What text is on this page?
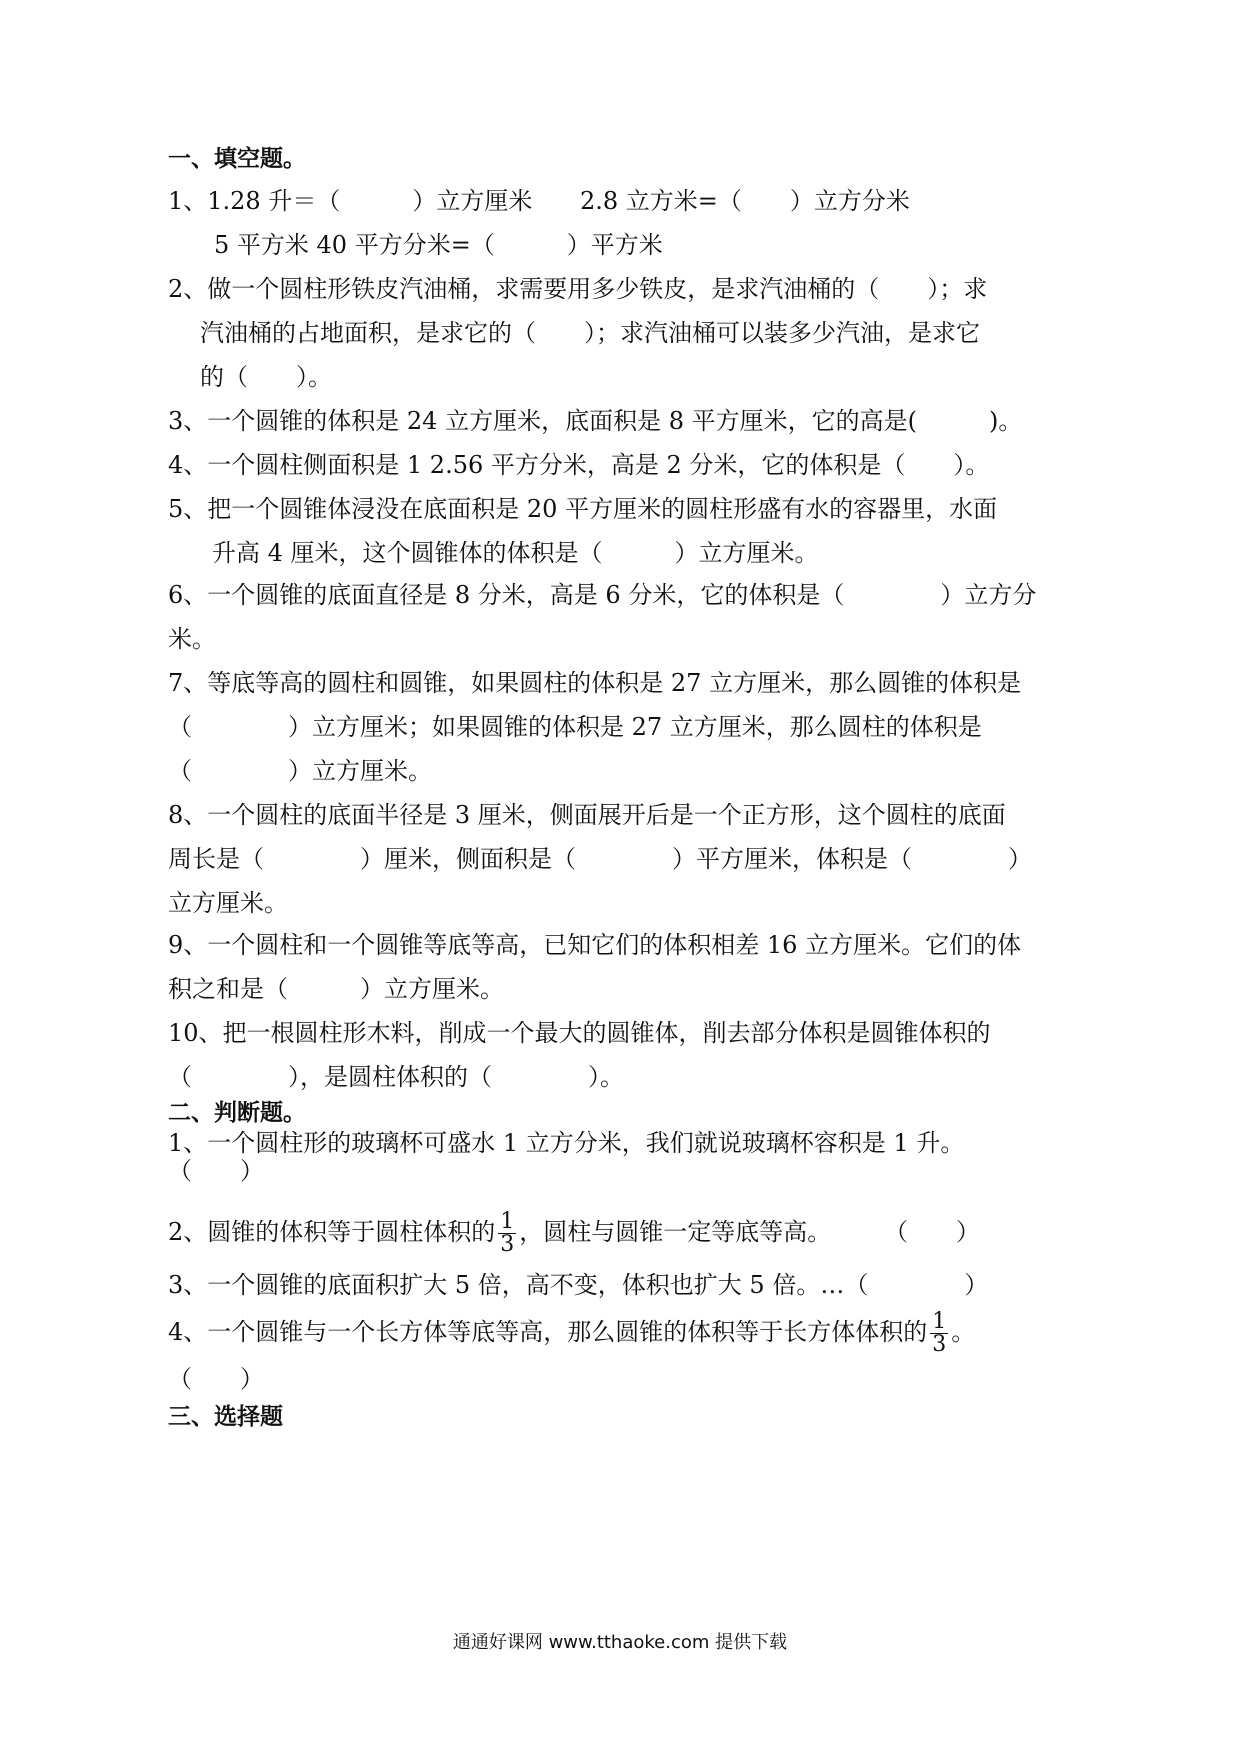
一、填空题。
1、1.28 升＝（　　　）立方厘米 2.8 立方米=（　　）立方分米
5 平方米 40 平方分米=（　　　）平方米
2、做一个圆柱形铁皮汽油桶，求需要用多少铁皮，是求汽油桶的（　　）；求
汽油桶的占地面积，是求它的（　　）；求汽油桶可以装多少汽油，是求它
的（　　）。
3、一个圆锥的体积是 24 立方厘米，底面积是 8 平方厘米，它的高是(　　　)。
4、一个圆柱侧面积是 1 2.56 平方分米，高是 2 分米，它的体积是（　　）。
5、把一个圆锥体浸没在底面积是 20 平方厘米的圆柱形盛有水的容器里，水面
升高 4 厘米，这个圆锥体的体积是（　　　）立方厘米。
6、一个圆锥的底面直径是 8 分米，高是 6 分米，它的体积是（　　　　）立方分
米。
7、等底等高的圆柱和圆锥，如果圆柱的体积是 27 立方厘米，那么圆锥的体积是
（　　　　）立方厘米；如果圆锥的体积是 27 立方厘米，那么圆柱的体积是
（　　　　）立方厘米。
8、一个圆柱的底面半径是 3 厘米，侧面展开后是一个正方形，这个圆柱的底面
周长是（　　　　）厘米，侧面积是（　　　　）平方厘米，体积是（　　　　）
立方厘米。
9、一个圆柱和一个圆锥等底等高，已知它们的体积相差 16 立方厘米。它们的体
积之和是（　　　）立方厘米。
10、把一根圆柱形木料，削成一个最大的圆锥体，削去部分体积是圆锥体积的
（　　　　），是圆柱体积的（　　　　）。
二、判断题。
1、一个圆柱形的玻璃杯可盛水 1 立方分米，我们就说玻璃杯容积是 1 升。
（　　）
2、圆锥的体积等于圆柱体积的 $\frac{1}{3}$ ，圆柱与圆锥一定等底等高。 （　　）
3、一个圆锥的底面积扩大 5 倍，高不变，体积也扩大 5 倍。…（　　　　）
4、一个圆锥与一个长方体等底等高，那么圆锥的体积等于长方体体积的 $\frac{1}{3}$ 。
（　　）
三、选择题
通通好课网 www.tthaoke.com 提供下载
